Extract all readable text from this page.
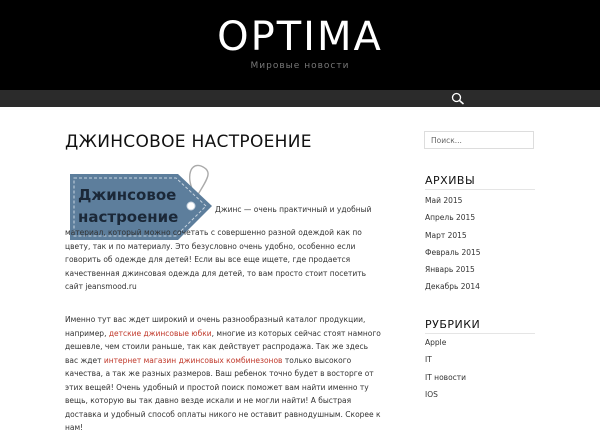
OPTIMA
Мировые новости
ДЖИНСОВОЕ НАСТРОЕНИЕ
Джинсовое
настроение	Джинс — очень практичный и удобный

материал, который можно сочетать с совершенно разной одеждой как по цвету, так и по материалу. Это безусловно очень удобно, особенно если говорить об одежде для детей! Если вы все еще ищете, где продается качественная джинсовая одежда для детей, то вам просто стоит посетить сайт jeansmood.ru

Именно тут вас ждет широкий и очень разнообразный каталог продукции, например, детские джинсовые юбки, многие из которых сейчас стоят намного дешевле, чем стоили раньше, так как действует распродажа. Так же здесь вас ждет интернет магазин джинсовых комбинезонов только высокого качества, а так же разных размеров. Ваш ребенок точно будет в восторге от этих вещей! Очень удобный и простой поиск поможет вам найти именно ту вещь, которую вы так давно везде искали и не могли найти! А быстрая доставка и удобный способ оплаты никого не оставит равнодушным. Скорее к нам!

Поиск...
АРХИВЫ
Май 2015
Апрель 2015
Март 2015
Февраль 2015
Январь 2015
Декабрь 2014
РУБРИКИ
Apple
IT
IT новости
IOS
